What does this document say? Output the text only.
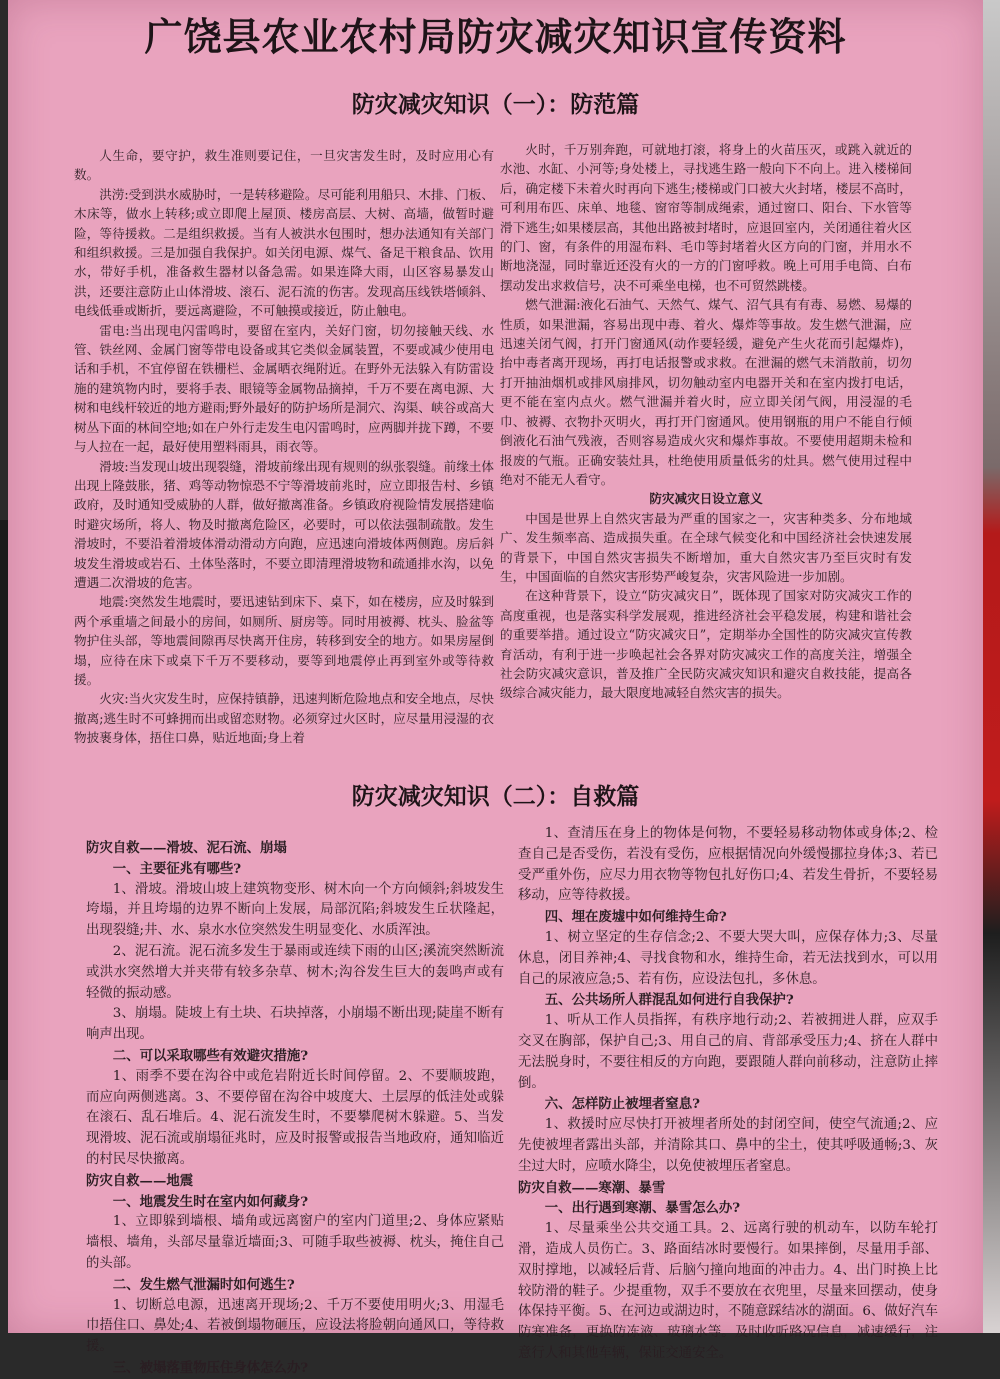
广饶县农业农村局防灾减灾知识宣传资料
防灾减灾知识（一）：防范篇

人生命，要守护，救生准则要记住，一旦灾害发生时，及时应用心有数。

洪涝:受到洪水威胁时，一是转移避险。尽可能利用船只、木排、门板、木床等，做水上转移;或立即爬上屋顶、楼房高层、大树、高墙，做暂时避险，等待援救。二是组织救援。当有人被洪水包围时，想办法通知有关部门和组织救援。三是加强自我保护。如关闭电源、煤气、备足干粮食品、饮用水，带好手机，准备救生器材以备急需。如果连降大雨，山区容易暴发山洪，还要注意防止山体滑坡、滚石、泥石流的伤害。发现高压线铁塔倾斜、电线低垂或断折，要远离避险，不可触摸或接近，防止触电。

雷电:当出现电闪雷鸣时，要留在室内，关好门窗，切勿接触天线、水管、铁丝网、金属门窗等带电设备或其它类似金属装置，不要或减少使用电话和手机，不宜停留在铁栅栏、金属晒衣绳附近。在野外无法躲入有防雷设施的建筑物内时，要将手表、眼镜等金属物品摘掉，千万不要在离电源、大树和电线杆较近的地方避雨;野外最好的防护场所是洞穴、沟渠、峡谷或高大树丛下面的林间空地;如在户外行走发生电闪雷鸣时，应两脚并拢下蹲，不要与人拉在一起，最好使用塑料雨具，雨衣等。

滑坡:当发现山坡出现裂缝，滑坡前缘出现有规则的纵张裂缝。前缘土体出现上隆鼓胀，猪、鸡等动物惊恐不宁等滑坡前兆时，应立即报告村、乡镇政府，及时通知受威胁的人群，做好撤离准备。乡镇政府视险情发展搭建临时避灾场所，将人、物及时撤离危险区，必要时，可以依法强制疏散。发生滑坡时，不要沿着滑坡体滑动滑动方向跑，应迅速向滑坡体两侧跑。房后斜坡发生滑坡或岩石、土体坠落时，不要立即清理滑坡物和疏通排水沟，以免遭遇二次滑坡的危害。

地震:突然发生地震时，要迅速钻到床下、桌下，如在楼房，应及时躲到两个承重墙之间最小的房间，如厕所、厨房等。同时用被褥、枕头、脸盆等物护住头部，等地震间隙再尽快离开住房，转移到安全的地方。如果房屋倒塌，应待在床下或桌下千万不要移动，要等到地震停止再到室外或等待救援。

火灾:当火灾发生时，应保持镇静，迅速判断危险地点和安全地点，尽快撤离;逃生时不可蜂拥而出或留恋财物。必须穿过火区时，应尽量用浸湿的衣物披裹身体，捂住口鼻，贴近地面;身上着

火时，千万别奔跑，可就地打滚，将身上的火苗压灭，或跳入就近的水池、水缸、小河等;身处楼上，寻找逃生路一般向下不向上。进入楼梯间后，确定楼下未着火时再向下逃生;楼梯或门口被大火封堵，楼层不高时，可利用布匹、床单、地毯、窗帘等制成绳索，通过窗口、阳台、下水管等滑下逃生;如果楼层高，其他出路被封堵时，应退回室内，关闭通往着火区的门、窗，有条件的用湿布料、毛巾等封堵着火区方向的门窗，并用水不断地浇湿，同时靠近还没有火的一方的门窗呼救。晚上可用手电筒、白布摆动发出求救信号，决不可乘坐电梯，也不可贸然跳楼。

燃气泄漏:液化石油气、天然气、煤气、沼气具有有毒、易燃、易爆的性质，如果泄漏，容易出现中毒、着火、爆炸等事故。发生燃气泄漏，应迅速关闭气阀，打开门窗通风(动作要轻缓，避免产生火花而引起爆炸)，抬中毒者离开现场，再打电话报警或求救。在泄漏的燃气未消散前，切勿打开抽油烟机或排风扇排风，切勿触动室内电器开关和在室内拨打电话，更不能在室内点火。燃气泄漏并着火时，应立即关闭气阀，用浸湿的毛巾、被褥、衣物扑灭明火，再打开门窗通风。使用钢瓶的用户不能自行倾倒液化石油气残液，否则容易造成火灾和爆炸事故。不要使用超期未检和报废的气瓶。正确安装灶具，杜绝使用质量低劣的灶具。燃气使用过程中绝对不能无人看守。

防灾减灾日设立意义

中国是世界上自然灾害最为严重的国家之一，灾害种类多、分布地域广、发生频率高、造成损失重。在全球气候变化和中国经济社会快速发展的背景下，中国自然灾害损失不断增加，重大自然灾害乃至巨灾时有发生，中国面临的自然灾害形势严峻复杂，灾害风险进一步加剧。

在这种背景下，设立“防灾减灾日”，既体现了国家对防灾减灾工作的高度重视，也是落实科学发展观，推进经济社会平稳发展，构建和谐社会的重要举措。通过设立“防灾减灾日”，定期举办全国性的防灾减灾宣传教育活动，有利于进一步唤起社会各界对防灾减灾工作的高度关注，增强全社会防灾减灾意识，普及推广全民防灾减灾知识和避灾自救技能，提高各级综合减灾能力，最大限度地减轻自然灾害的损失。

防灾减灾知识（二）：自救篇

防灾自救——滑坡、泥石流、崩塌

一、主要征兆有哪些?

1、滑坡。滑坡山坡上建筑物变形、树木向一个方向倾斜;斜坡发生垮塌，并且垮塌的边界不断向上发展，局部沉陷;斜坡发生丘状隆起，出现裂缝;井、水、泉水水位突然发生明显变化、水质浑浊。

2、泥石流。泥石流多发生于暴雨或连续下雨的山区;溪流突然断流或洪水突然增大并夹带有较多杂草、树木;沟谷发生巨大的轰鸣声或有轻微的振动感。

3、崩塌。陡坡上有土块、石块掉落，小崩塌不断出现;陡崖不断有响声出现。

二、可以采取哪些有效避灾措施?

1、雨季不要在沟谷中或危岩附近长时间停留。2、不要顺坡跑，而应向两侧逃离。3、不要停留在沟谷中坡度大、土层厚的低洼处或躲在滚石、乱石堆后。4、泥石流发生时，不要攀爬树木躲避。5、当发现滑坡、泥石流或崩塌征兆时，应及时报警或报告当地政府，通知临近的村民尽快撤离。

防灾自救——地震

一、地震发生时在室内如何藏身?

1、立即躲到墙根、墙角或远离窗户的室内门道里;2、身体应紧贴墙根、墙角，头部尽量靠近墙面;3、可随手取些被褥、枕头，掩住自己的头部。

二、发生燃气泄漏时如何逃生?

1、切断总电源，迅速离开现场;2、千万不要使用明火;3、用湿毛巾捂住口、鼻处;4、若被倒塌物砸压，应设法将脸朝向通风口，等待救援。

三、被塌落重物压住身体怎么办?

1、查清压在身上的物体是何物，不要轻易移动物体或身体;2、检查自己是否受伤，若没有受伤，应根据情况向外缓慢挪拉身体;3、若已受严重外伤，应尽力用衣物等物包扎好伤口;4、若发生骨折，不要轻易移动，应等待救援。

四、埋在废墟中如何维持生命?

1、树立坚定的生存信念;2、不要大哭大叫，应保存体力;3、尽量休息，闭目养神;4、寻找食物和水，维持生命，若无法找到水，可以用自己的尿液应急;5、若有伤，应设法包扎，多休息。

五、公共场所人群混乱如何进行自我保护?

1、听从工作人员指挥，有秩序地行动;2、若被拥进人群，应双手交叉在胸部，保护自己;3、用自己的肩、背部承受压力;4、挤在人群中无法脱身时，不要往相反的方向跑，要跟随人群向前移动，注意防止摔倒。

六、怎样防止被埋者窒息?

1、救援时应尽快打开被埋者所处的封闭空间，使空气流通;2、应先使被埋者露出头部，并清除其口、鼻中的尘土，使其呼吸通畅;3、灰尘过大时，应喷水降尘，以免使被埋压者窒息。

防灾自救——寒潮、暴雪

一、出行遇到寒潮、暴雪怎么办?

1、尽量乘坐公共交通工具。2、远离行驶的机动车，以防车轮打滑，造成人员伤亡。3、路面结冰时要慢行。如果摔倒，尽量用手部、双肘撑地，以减轻后背、后脑勺撞向地面的冲击力。4、出门时换上比较防滑的鞋子。少提重物，双手不要放在衣兜里，尽量来回摆动，使身体保持平衡。5、在河边或湖边时，不随意踩结冰的湖面。6、做好汽车防寒准备，更换防冻液、玻璃水等。及时收听路况信息，减速缓行，注意行人和其他车辆，保证交通安全。
